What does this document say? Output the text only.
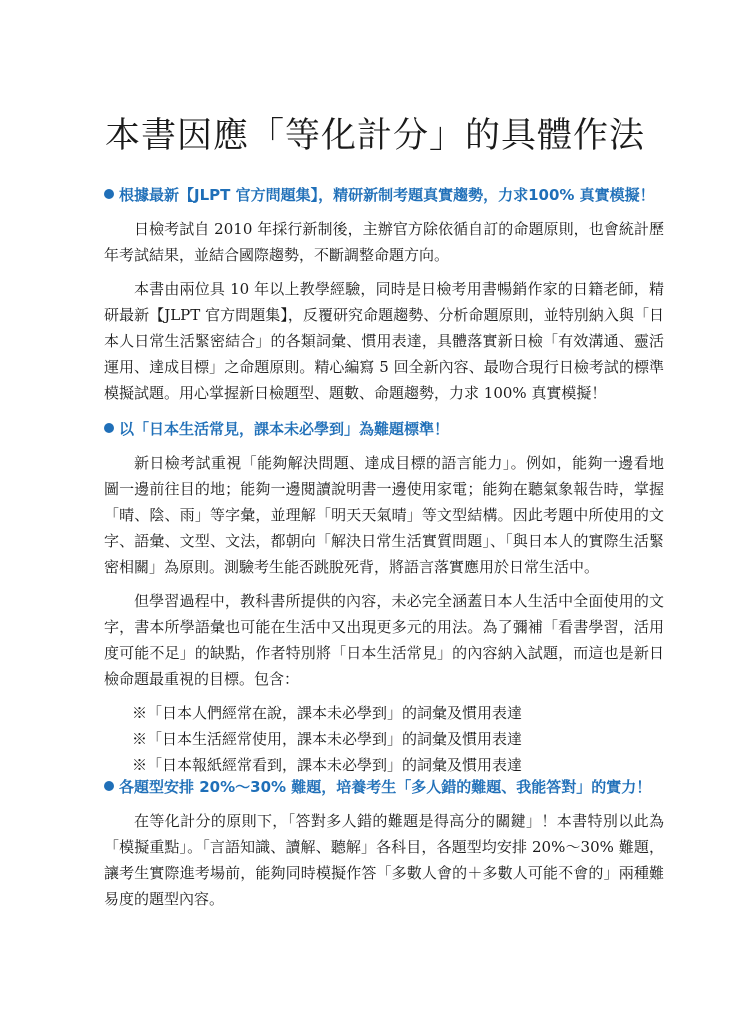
本書因應「等化計分」的具體作法
根據最新【JLPT 官方問題集】，精研新制考題真實趨勢，力求100% 真實模擬！

日檢考試自 2010 年採行新制後，主辦官方除依循自訂的命題原則，也會統計歷年考試結果，並結合國際趨勢，不斷調整命題方向。

本書由兩位具 10 年以上教學經驗，同時是日檢考用書暢銷作家的日籍老師，精研最新【JLPT 官方問題集】，反覆研究命題趨勢、分析命題原則，並特別納入與「日本人日常生活緊密結合」的各類詞彙、慣用表達，具體落實新日檢「有效溝通、靈活運用、達成目標」之命題原則。精心編寫 5 回全新內容、最吻合現行日檢考試的標準模擬試題。用心掌握新日檢題型、題數、命題趨勢，力求 100% 真實模擬！

以「日本生活常見，課本未必學到」為難題標準！

新日檢考試重視「能夠解決問題、達成目標的語言能力」。例如，能夠一邊看地圖一邊前往目的地；能夠一邊閱讀說明書一邊使用家電；能夠在聽氣象報告時，掌握「晴、陰、雨」等字彙，並理解「明天天氣晴」等文型結構。因此考題中所使用的文字、語彙、文型、文法，都朝向「解決日常生活實質問題」、「與日本人的實際生活緊密相關」為原則。測驗考生能否跳脫死背，將語言落實應用於日常生活中。

但學習過程中，教科書所提供的內容，未必完全涵蓋日本人生活中全面使用的文字，書本所學語彙也可能在生活中又出現更多元的用法。為了彌補「看書學習，活用度可能不足」的缺點，作者特別將「日本生活常見」的內容納入試題，而這也是新日檢命題最重視的目標。包含：

※「日本人們經常在說，課本未必學到」的詞彙及慣用表達
※「日本生活經常使用，課本未必學到」的詞彙及慣用表達
※「日本報紙經常看到，課本未必學到」的詞彙及慣用表達
各題型安排 20%～30% 難題，培養考生「多人錯的難題、我能答對」的實力！

在等化計分的原則下，「答對多人錯的難題是得高分的關鍵」！本書特別以此為「模擬重點」。「言語知識、讀解、聽解」各科目，各題型均安排 20%～30% 難題，讓考生實際進考場前，能夠同時模擬作答「多數人會的＋多數人可能不會的」兩種難易度的題型內容。
